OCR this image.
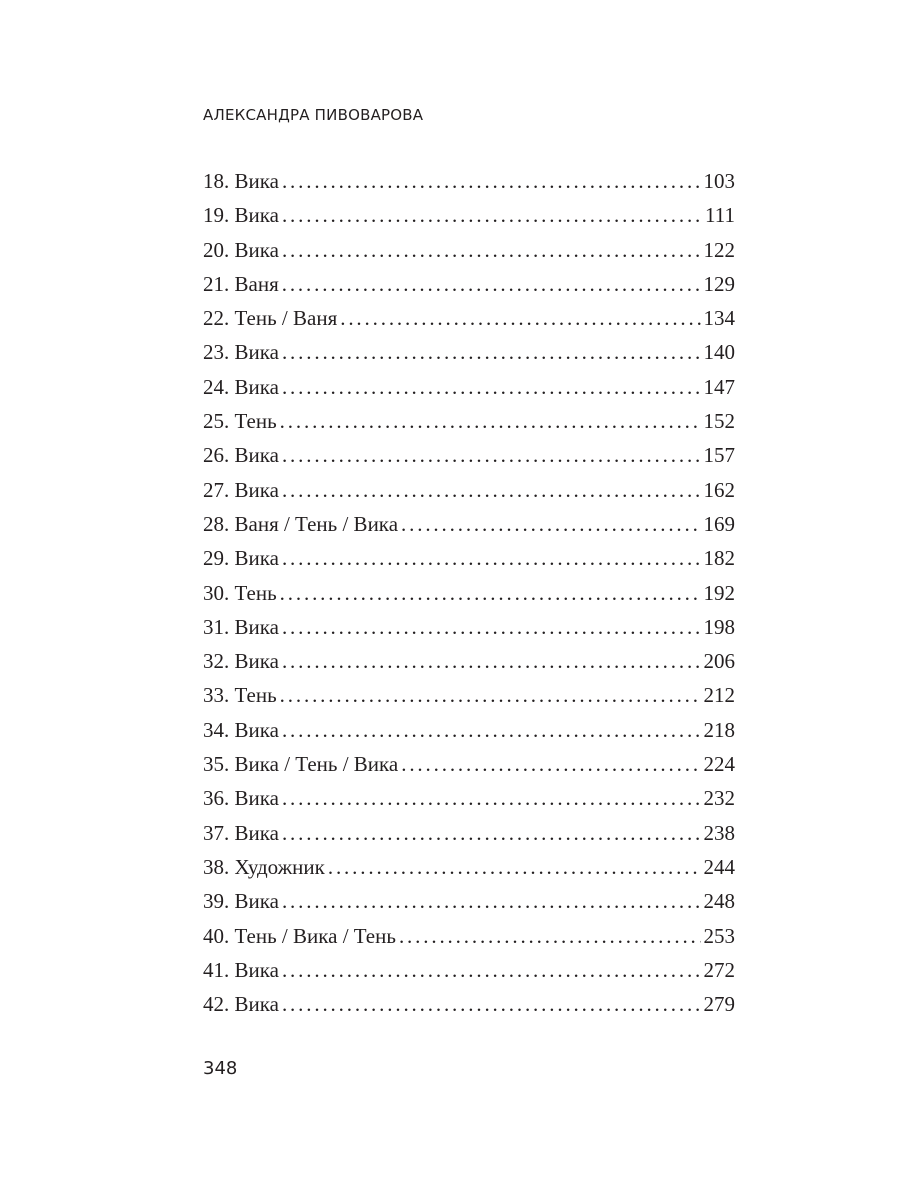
АЛЕКСАНДРА ПИВОВАРОВА
18. Вика . . .	103
19. Вика . . .	111
20. Вика . . .	122
21. Ваня . . .	129
22. Тень / Ваня . . .	134
23. Вика . . .	140
24. Вика . . .	147
25. Тень . . .	152
26. Вика . . .	157
27. Вика . . .	162
28. Ваня / Тень / Вика . . .	169
29. Вика . . .	182
30. Тень . . .	192
31. Вика . . .	198
32. Вика . . .	206
33. Тень . . .	212
34. Вика . . .	218
35. Вика / Тень / Вика . . .	224
36. Вика . . .	232
37. Вика . . .	238
38. Художник . . .	244
39. Вика . . .	248
40. Тень / Вика / Тень . . .	253
41. Вика . . .	272
42. Вика . . .	279
348
